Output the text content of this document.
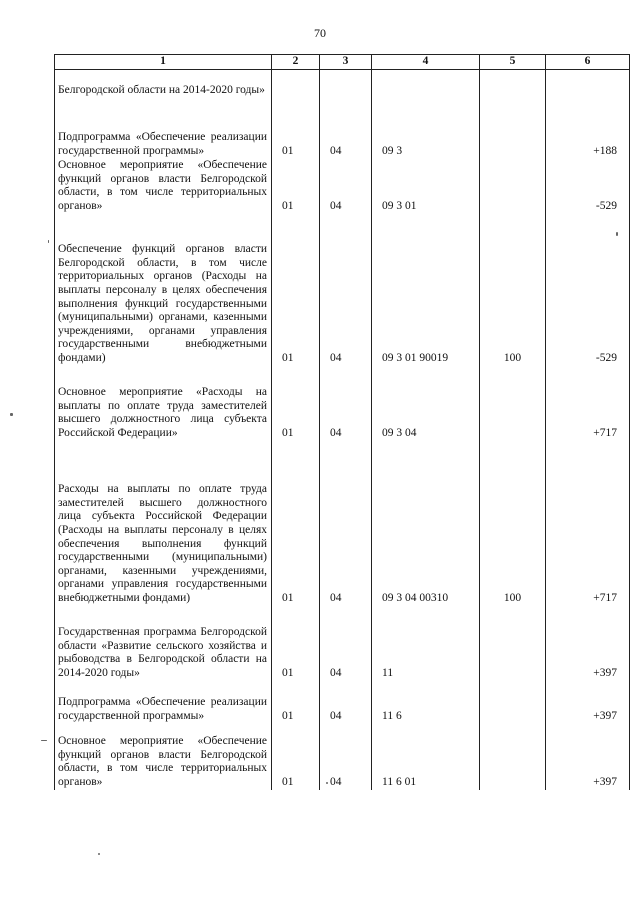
70
1	2	3	4	5	6
Белгородской области на 2014-2020 годы»					
Подпрограмма «Обеспечение реализации государственной программы»	01	04	09 3		+188
Основное мероприятие «Обеспечение функций органов власти Белгородской области, в том числе территориальных органов»	01	04	09 3 01		-529
Обеспечение функций органов власти Белгородской области, в том числе территориальных органов (Расходы на выплаты персоналу в целях обеспечения выполнения функций государственными (муниципальными) органами, казенными учреждениями, органами управления государственными внебюджетными фондами)	01	04	09 3 01 90019	100	-529
Основное мероприятие «Расходы на выплаты по оплате труда заместителей высшего должностного лица субъекта Российской Федерации»	01	04	09 3 04		+717
Расходы на выплаты по оплате труда заместителей высшего должностного лица субъекта Российской Федерации (Расходы на выплаты персоналу в целях обеспечения выполнения функций государственными (муниципальными) органами, казенными учреждениями, органами управления государственными внебюджетными фондами)	01	04	09 3 04 00310	100	+717
Государственная программа Белгородской области «Развитие сельского хозяйства и рыбоводства в Белгородской области на 2014-2020 годы»	01	04	11		+397
Подпрограмма «Обеспечение реализации государственной программы»	01	04	11 6		+397
Основное мероприятие «Обеспечение функций органов власти Белгородской области, в том числе территориальных органов»	01	04	11 6 01		+397
